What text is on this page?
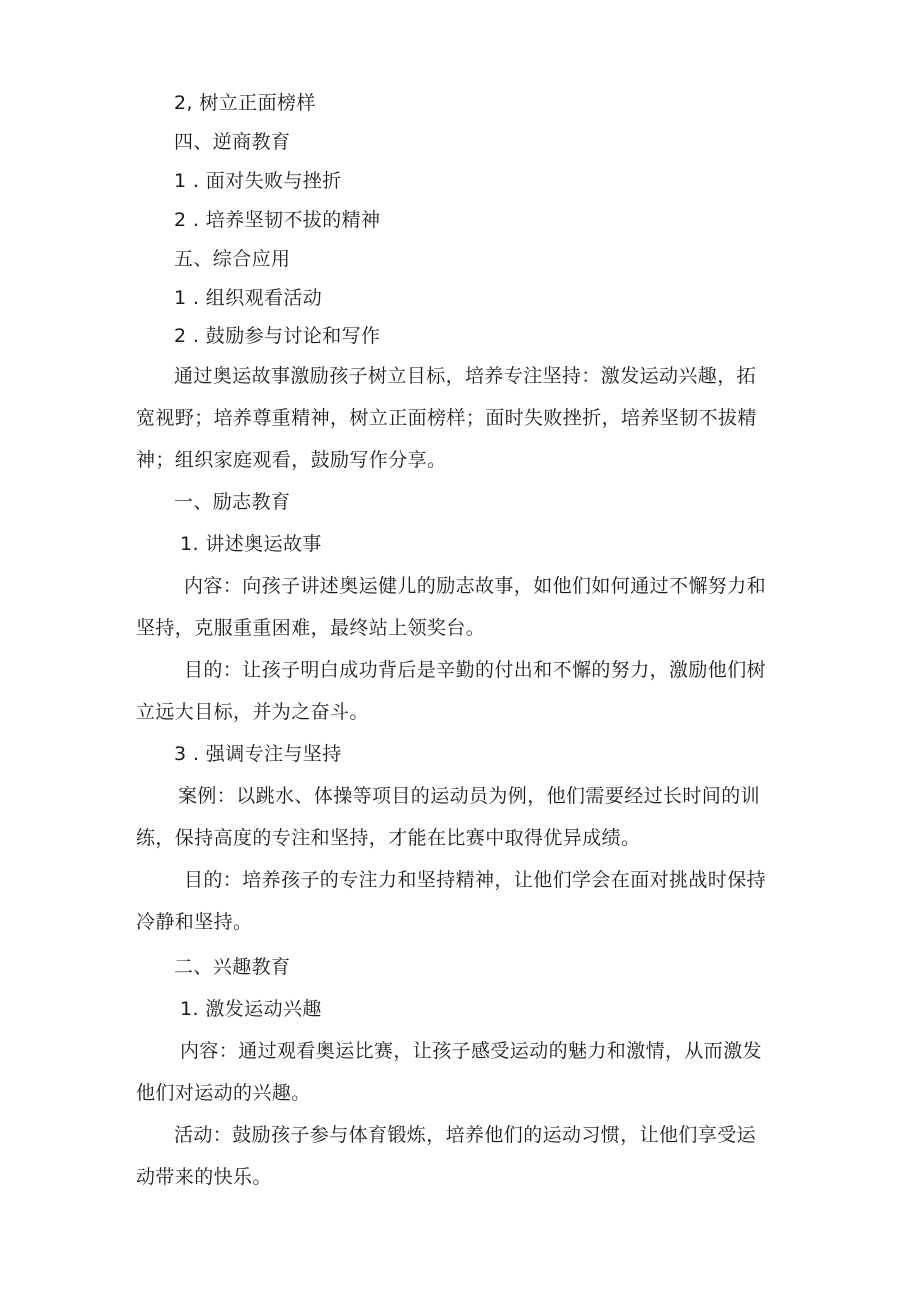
2, 树立正面榜样
四、逆商教育
1 . 面对失败与挫折
2 . 培养坚韧不拔的精神
五、综合应用
1 . 组织观看活动
2 . 鼓励参与讨论和写作
通过奥运故事激励孩子树立目标，培养专注坚持：激发运动兴趣，拓
宽视野；培养尊重精神，树立正面榜样；面时失败挫折，培养坚韧不拔精
神；组织家庭观看，鼓励写作分享。
一、励志教育
1. 讲述奥运故事
内容：向孩子讲述奥运健儿的励志故事，如他们如何通过不懈努力和
坚持，克服重重困难，最终站上领奖台。
目的：让孩子明白成功背后是辛勤的付出和不懈的努力，激励他们树
立远大目标，并为之奋斗。
3 . 强调专注与坚持
案例：以跳水、体操等项目的运动员为例，他们需要经过长时间的训
练，保持高度的专注和坚持，才能在比赛中取得优异成绩。
目的：培养孩子的专注力和坚持精神，让他们学会在面对挑战时保持
冷静和坚持。
二、兴趣教育
1. 激发运动兴趣
内容：通过观看奥运比赛，让孩子感受运动的魅力和激情，从而激发
他们对运动的兴趣。
活动：鼓励孩子参与体育锻炼，培养他们的运动习惯，让他们享受运
动带来的快乐。
